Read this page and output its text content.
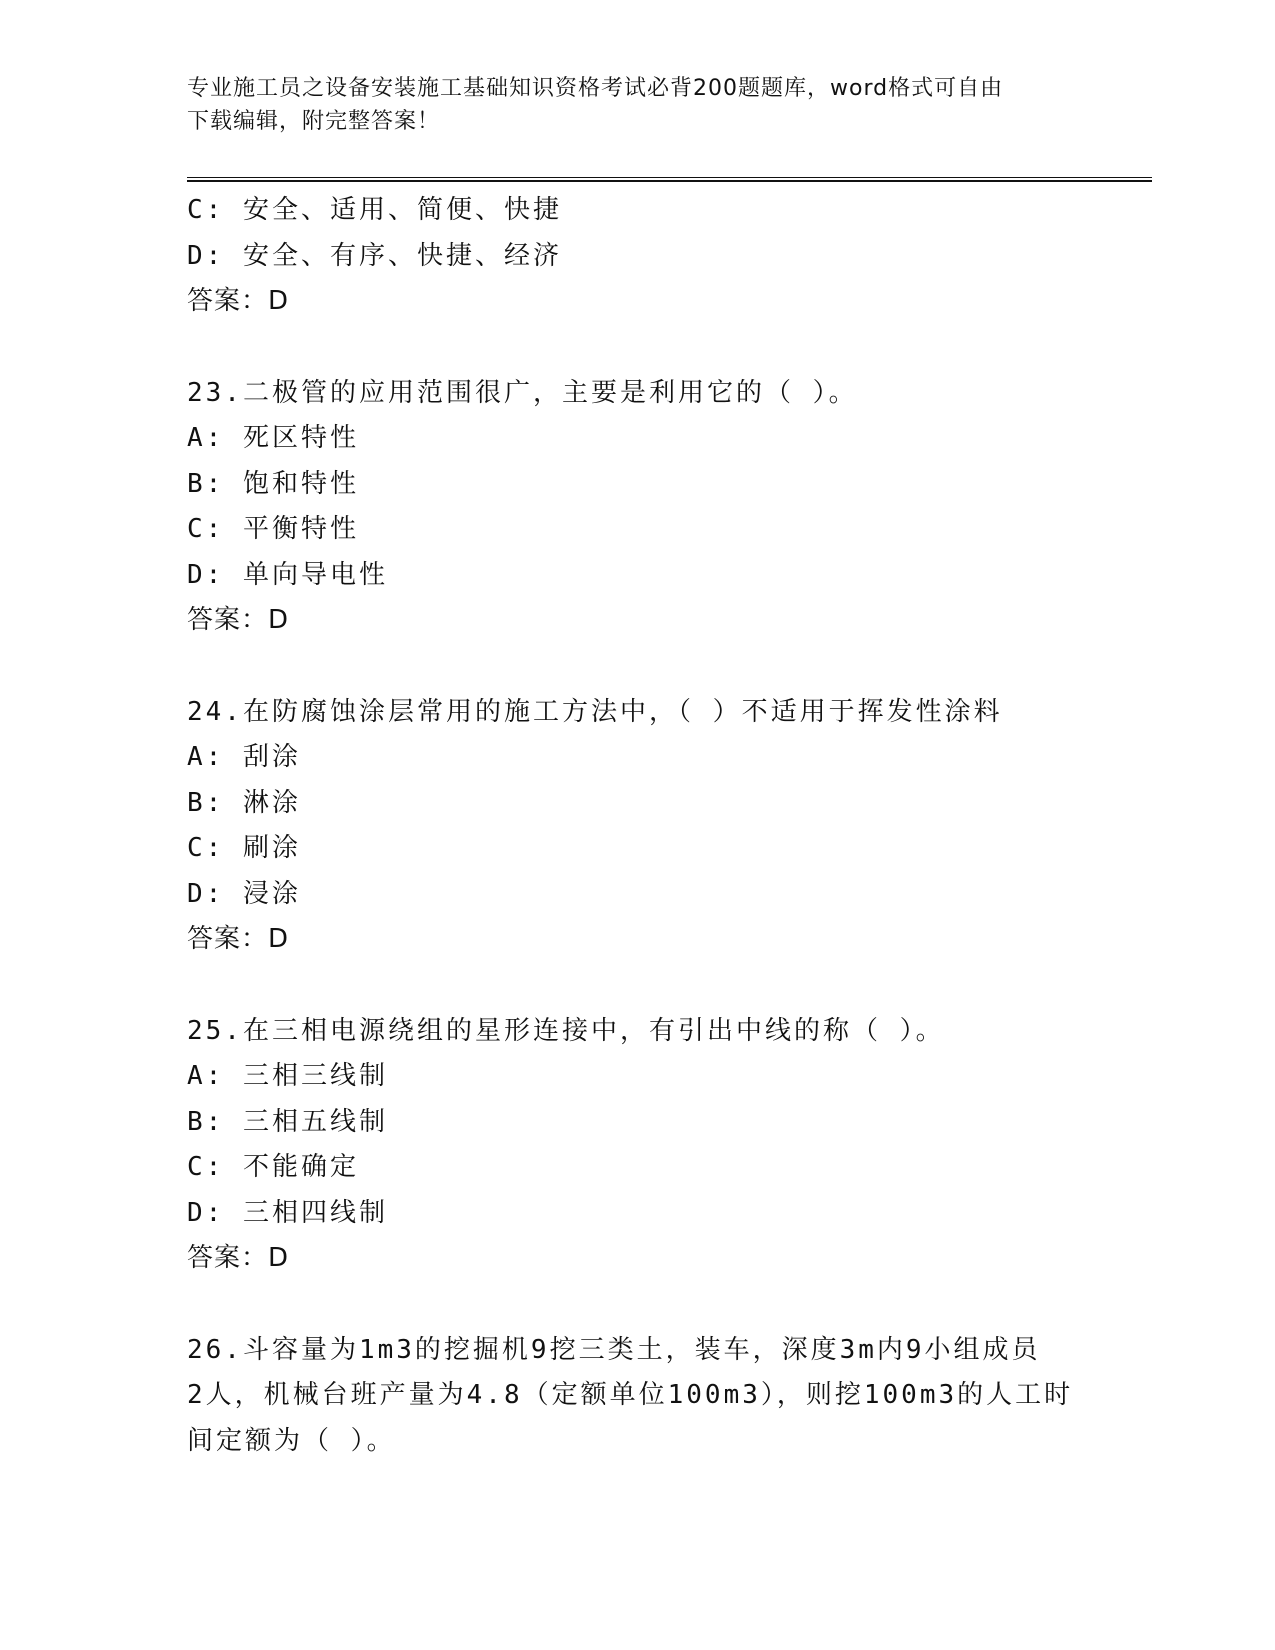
专业施工员之设备安装施工基础知识资格考试必背200题题库，word格式可自由
下载编辑，附完整答案！
C: 安全、适用、简便、快捷
D: 安全、有序、快捷、经济
答案：D
23.二极管的应用范围很广，主要是利用它的（ ）。
A: 死区特性
B: 饱和特性
C: 平衡特性
D: 单向导电性
答案：D
24.在防腐蚀涂层常用的施工方法中，（ ）不适用于挥发性涂料
A: 刮涂
B: 淋涂
C: 刷涂
D: 浸涂
答案：D
25.在三相电源绕组的星形连接中，有引出中线的称（ ）。
A: 三相三线制
B: 三相五线制
C: 不能确定
D: 三相四线制
答案：D
26.斗容量为1m3的挖掘机9挖三类土，装车，深度3m内9小组成员
2人，机械台班产量为4.8（定额单位100m3），则挖100m3的人工时
间定额为（ ）。
